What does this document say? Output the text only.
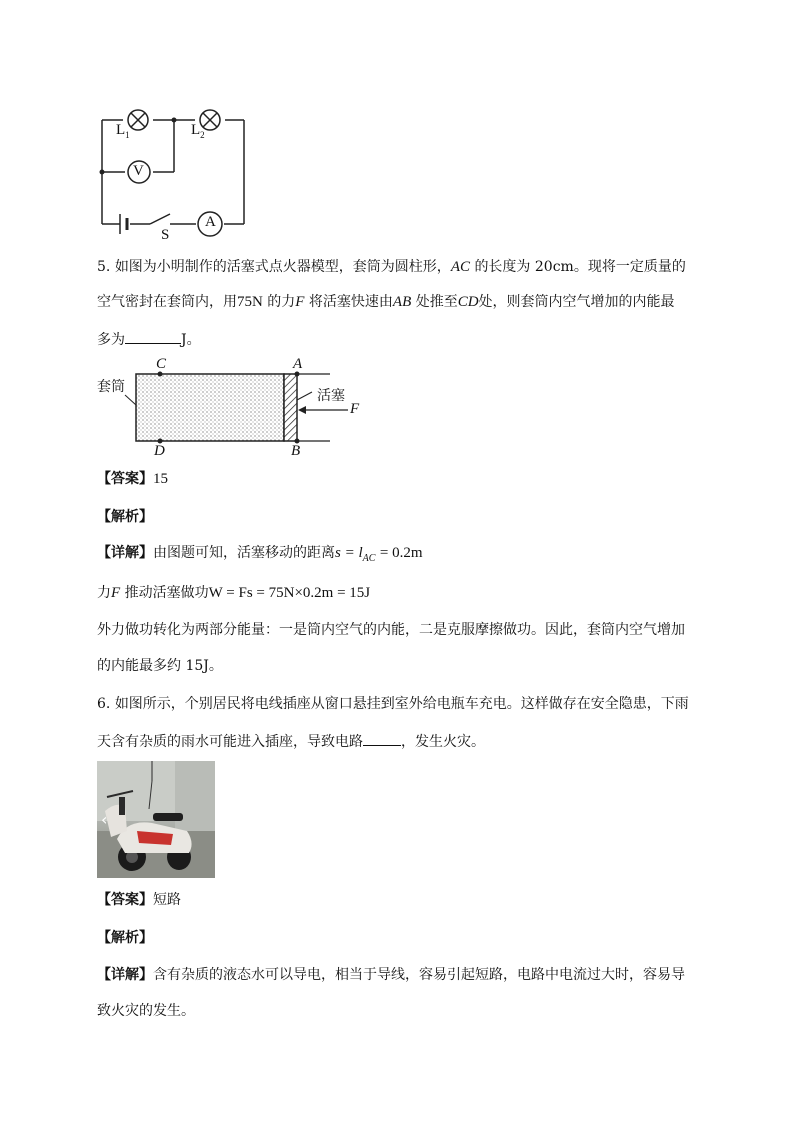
$L_1$	$L_2$
V
A
S
5. 如图为小明制作的活塞式点火器模型，套筒为圆柱形，AC 的长度为 20cm。现将一定质量的
空气密封在套筒内，用75N 的力F 将活塞快速由AB 处推至CD处，则套筒内空气增加的内能最
多为	J。
C	A
D	B
F
套筒
活塞
【答案】15
【解析】
【详解】由图题可知，活塞移动的距离$s = l_{AC} = 0.2m$
力F 推动活塞做功W = Fs = 75N×0.2m = 15J
外力做功转化为两部分能量：一是筒内空气的内能，二是克服摩擦做功。因此，套筒内空气增加
的内能最多约 15J。
6. 如图所示，个别居民将电线插座从窗口悬挂到室外给电瓶车充电。这样做存在安全隐患，下雨
天含有杂质的雨水可能进入插座，导致电路	，发生火灾。
‹
【答案】短路
【解析】
【详解】含有杂质的液态水可以导电，相当于导线，容易引起短路，电路中电流过大时，容易导
致火灾的发生。
